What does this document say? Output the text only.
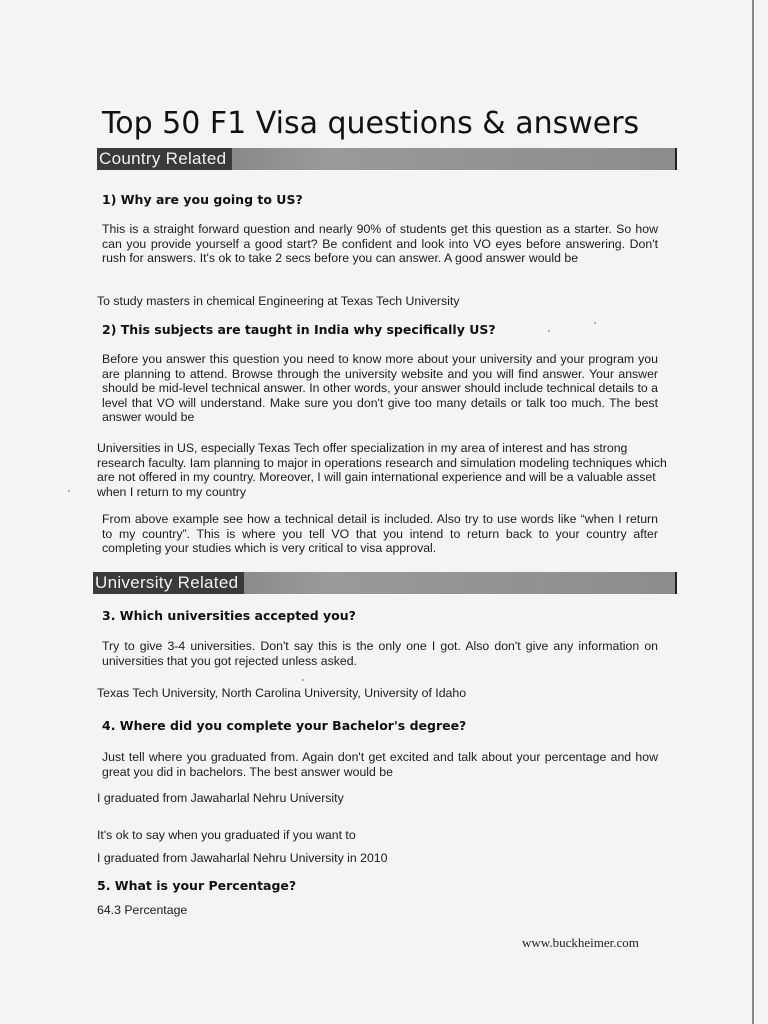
Top 50 F1 Visa questions & answers
Country Related
1) Why are you going to US?

This is a straight forward question and nearly 90% of students get this question as a starter. So how can you provide yourself a good start? Be confident and look into VO eyes before answering. Don't rush for answers. It's ok to take 2 secs before you can answer. A good answer would be

To study masters in chemical Engineering at Texas Tech University

2) This subjects are taught in India why specifically US?

Before you answer this question you need to know more about your university and your program you are planning to attend. Browse through the university website and you will find answer. Your answer should be mid-level technical answer. In other words, your answer should include technical details to a level that VO will understand. Make sure you don't give too many details or talk too much. The best answer would be

Universities in US, especially Texas Tech offer specialization in my area of interest and has strong research faculty. Iam planning to major in operations research and simulation modeling techniques which are not offered in my country. Moreover, I will gain international experience and will be a valuable asset when I return to my country

From above example see how a technical detail is included. Also try to use words like “when I return to my country”. This is where you tell VO that you intend to return back to your country after completing your studies which is very critical to visa approval.

University Related
3. Which universities accepted you?

Try to give 3-4 universities. Don't say this is the only one I got. Also don't give any information on universities that you got rejected unless asked.

Texas Tech University, North Carolina University, University of Idaho

4. Where did you complete your Bachelor's degree?

Just tell where you graduated from. Again don't get excited and talk about your percentage and how great you did in bachelors. The best answer would be

I graduated from Jawaharlal Nehru University

It's ok to say when you graduated if you want to

I graduated from Jawaharlal Nehru University in 2010

5. What is your Percentage?

64.3 Percentage

www.buckheimer.com
